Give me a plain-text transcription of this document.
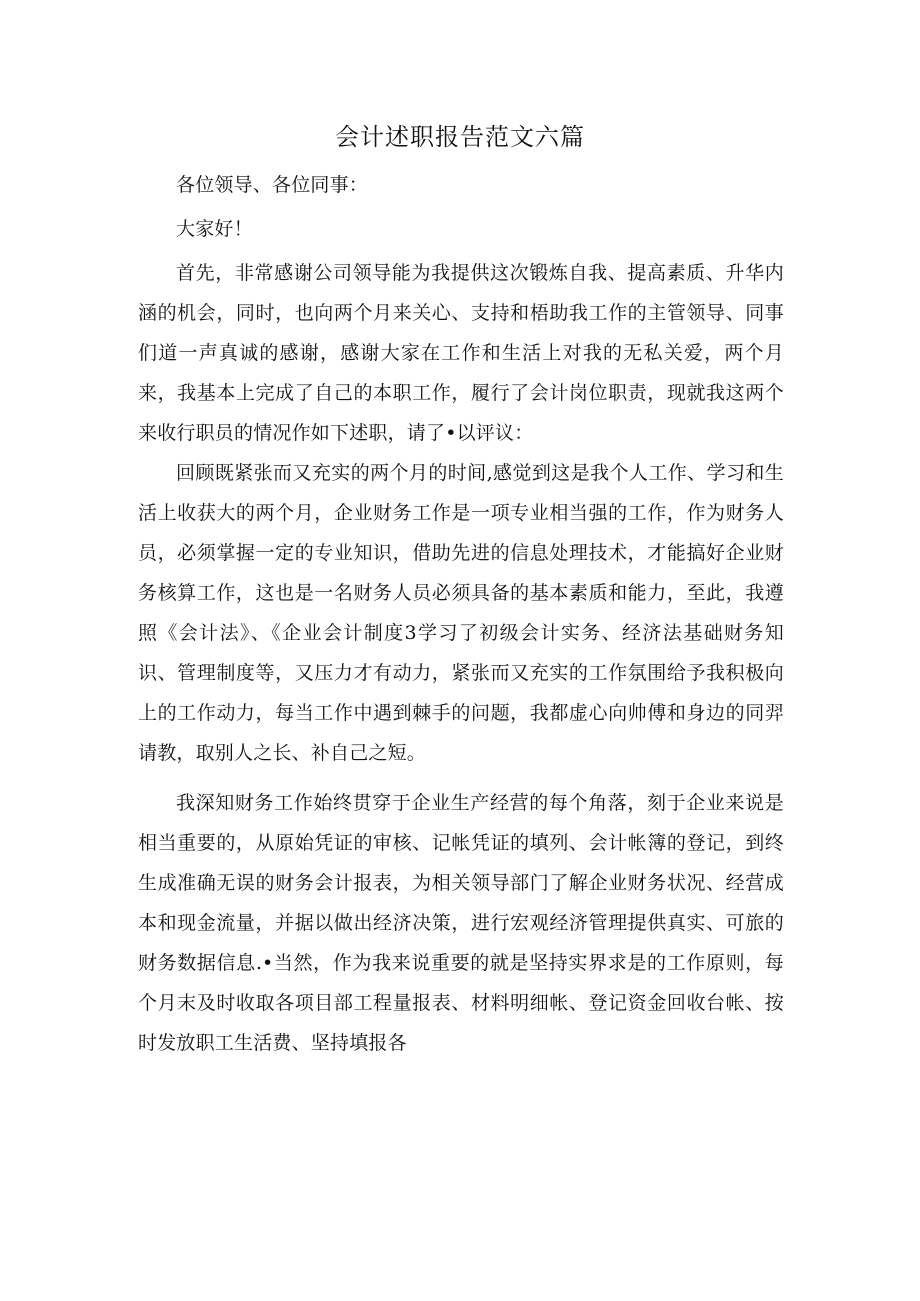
会计述职报告范文六篇

各位领导、各位同事：

大家好！

首先，非常感谢公司领导能为我提供这次锻炼自我、提高素质、升华内涵的机会，同时，也向两个月来关心、支持和梧助我工作的主管领导、同事们道一声真诚的感谢，感谢大家在工作和生活上对我的无私关爱，两个月来，我基本上完成了自己的本职工作，履行了会计岗位职责，现就我这两个来收行职员的情况作如下述职，请了•以评议：

回顾既紧张而又充实的两个月的时间,感觉到这是我个人工作、学习和生活上收获大的两个月，企业财务工作是一项专业相当强的工作，作为财务人员，必须掌握一定的专业知识，借助先进的信息处理技术，才能搞好企业财务核算工作，这也是一名财务人员必须具备的基本素质和能力，至此，我遵照《会计法》、《企业会计制度3学习了初级会计实务、经济法基础财务知识、管理制度等，又压力才有动力，紧张而又充实的工作氛围给予我积极向上的工作动力，每当工作中遇到棘手的问题，我都虚心向帅傅和身边的同羿请教，取别人之长、补自己之短。

我深知财务工作始终贯穿于企业生产经营的每个角落，刻于企业来说是相当重要的，从原始凭证的审核、记帐凭证的填列、会计帐簿的登记，到终生成准确无误的财务会计报表，为相关领导部门了解企业财务状况、经营成本和现金流量，并据以做出经济决策，进行宏观经济管理提供真实、可旅的财务数据信息.•当然，作为我来说重要的就是坚持实界求是的工作原则，每个月末及时收取各项目部工程量报表、材料明细帐、登记资金回收台帐、按时发放职工生活费、坚持填报各
